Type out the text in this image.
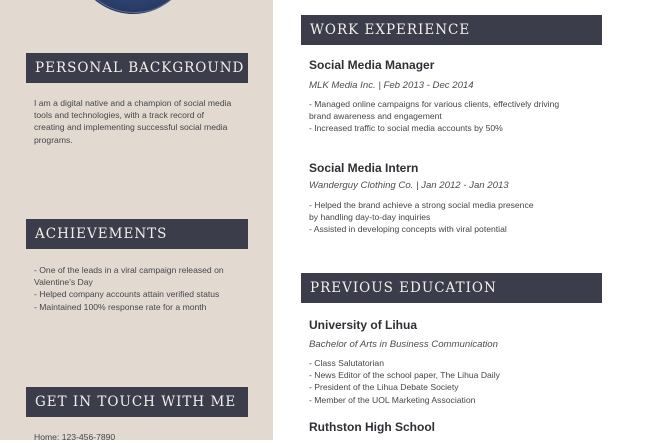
PERSONAL BACKGROUND
I am a digital native and a champion of social media
tools and technologies, with a track record of
creating and implementing successful social media
programs.
ACHIEVEMENTS
- One of the leads in a viral campaign released on
Valentine's Day
- Helped company accounts attain verified status
- Maintained 100% response rate for a month
GET IN TOUCH WITH ME
Home: 123-456-7890
WORK EXPERIENCE
Social Media Manager
MLK Media Inc. | Feb 2013 - Dec 2014
- Managed online campaigns for various clients, effectively driving
brand awareness and engagement
- Increased traffic to social media accounts by 50%
Social Media Intern
Wanderguy Clothing Co. | Jan 2012 - Jan 2013
- Helped the brand achieve a strong social media presence
by handling day-to-day inquiries
- Assisted in developing concepts with viral potential
PREVIOUS EDUCATION
University of Lihua
Bachelor of Arts in Business Communication
- Class Salutatorian
- News Editor of the school paper, The Lihua Daily
- President of the Lihua Debate Society
- Member of the UOL Marketing Association
Ruthston High School
